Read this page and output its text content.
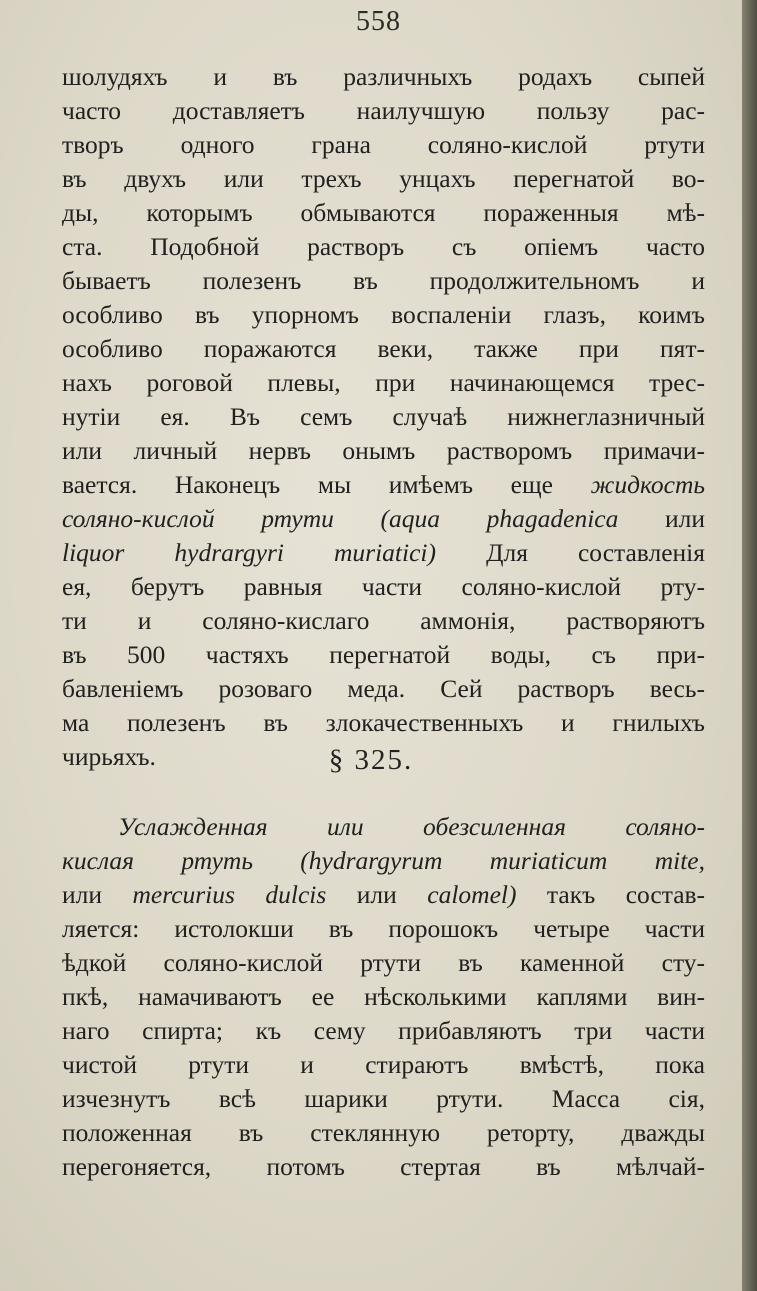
558
шолудяхъ и въ различныхъ родахъ сыпей
часто доставляетъ наилучшую пользу рас-
творъ одного грана соляно-кислой ртути
въ двухъ или трехъ унцахъ перегнатой во-
ды, которымъ обмываются пораженныя мѣ-
ста. Подобной растворъ съ опiемъ часто
бываетъ полезенъ въ продолжительномъ и
особливо въ упорномъ воспаленiи глазъ, коимъ
особливо поражаются веки, также при пят-
нахъ роговой плевы, при начинающемся трес-
нутiи ея. Въ семъ случаѣ нижнеглазничный
или личный нервъ онымъ растворомъ примачи-
вается. Наконецъ мы имѣемъ еще жидкость
соляно-кислой ртути (aqua phagadenica или
liquor hydrargyri muriatici) Для составленiя
ея, берутъ равныя части соляно-кислой рту-
ти и соляно-кислаго аммонiя, растворяютъ
въ 500 частяхъ перегнатой воды, съ при-
бавленiемъ розоваго меда. Сей растворъ весь-
ма полезенъ въ злокачественныхъ и гнилыхъ
чирьяхъ.	§ 325.
Услажденная или обезсиленная соляно-
кислая ртуть (hydrargyrum muriaticum mite,
или mercurius dulcis или calomel) такъ состав-
ляется: истолокши въ порошокъ четыре части
ѣдкой соляно-кислой ртути въ каменной сту-
пкѣ, намачиваютъ ее нѣсколькими каплями вин-
наго спирта; къ сему прибавляютъ три части
чистой ртути и стираютъ вмѣстѣ, пока
изчезнутъ всѣ шарики ртути. Масса сiя,
положенная въ стеклянную реторту, дважды
перегоняется, потомъ стертая въ мѣлчай-
